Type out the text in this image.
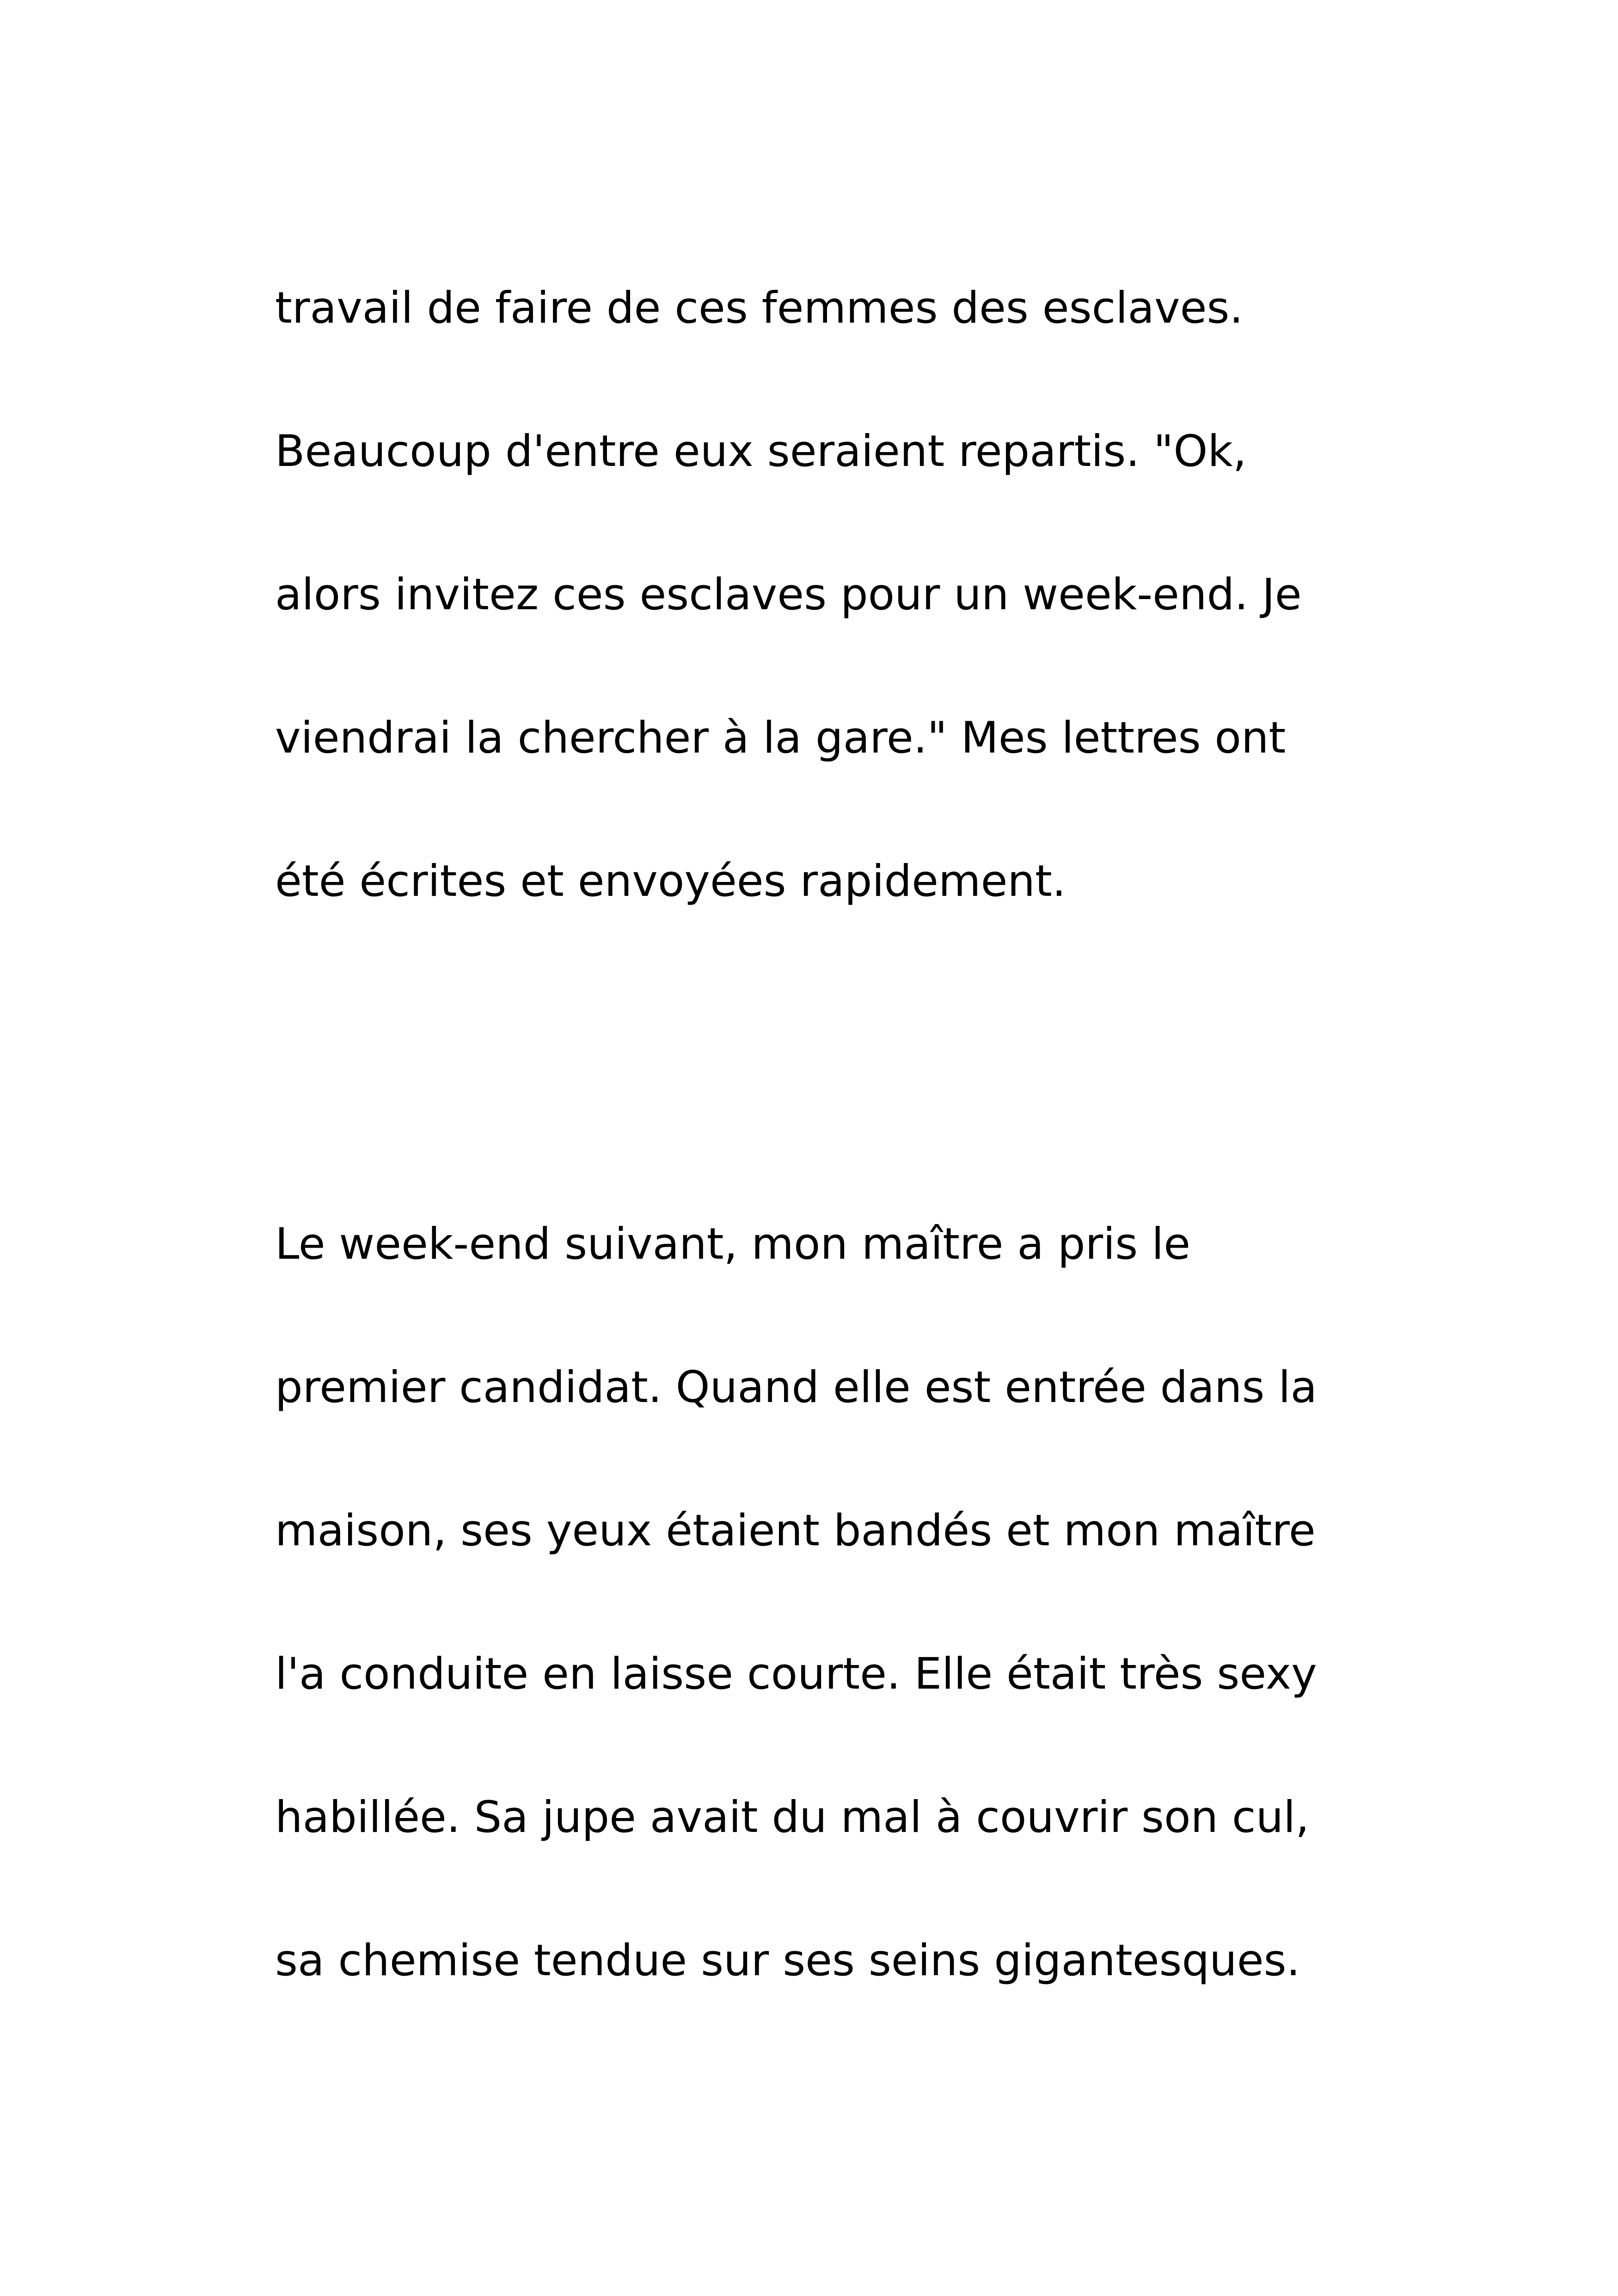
travail de faire de ces femmes des esclaves.

Beaucoup d'entre eux seraient repartis. "Ok,

alors invitez ces esclaves pour un week-end. Je

viendrai la chercher à la gare." Mes lettres ont

été écrites et envoyées rapidement.

Le week-end suivant, mon maître a pris le

premier candidat. Quand elle est entrée dans la

maison, ses yeux étaient bandés et mon maître

l'a conduite en laisse courte. Elle était très sexy

habillée. Sa jupe avait du mal à couvrir son cul,

sa chemise tendue sur ses seins gigantesques.
